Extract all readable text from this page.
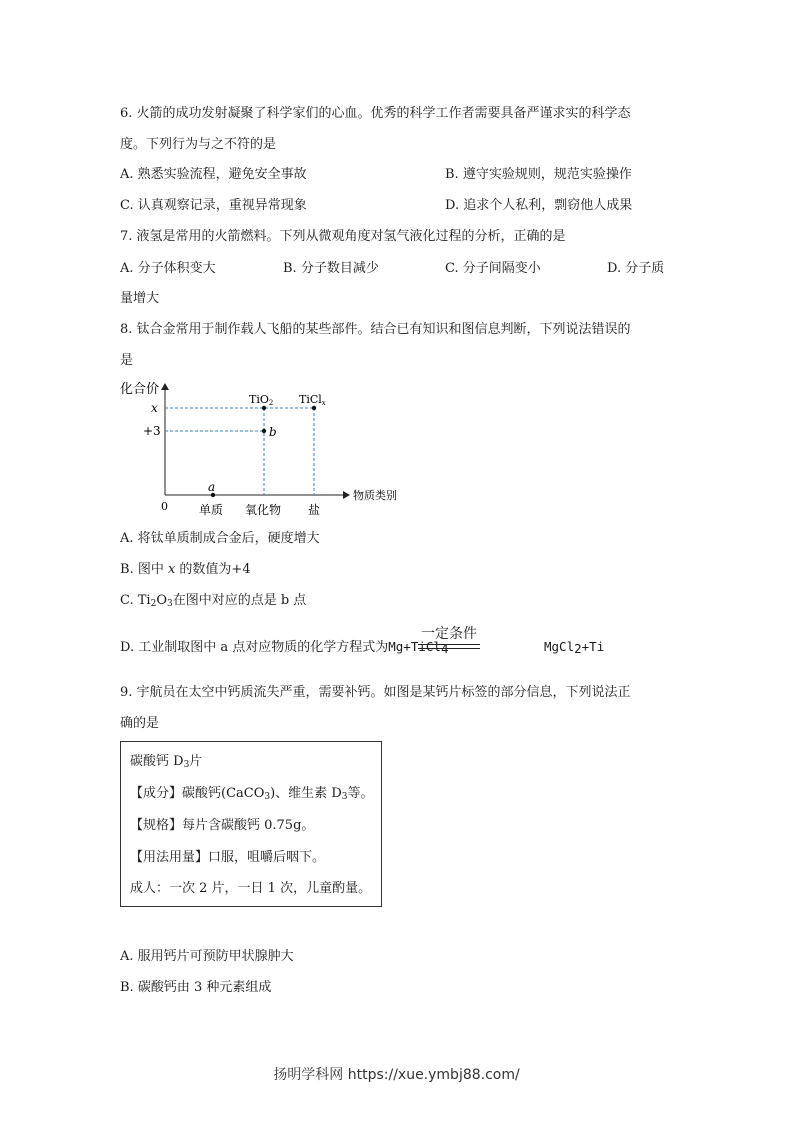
6. 火箭的成功发射凝聚了科学家们的心血。优秀的科学工作者需要具备严谨求实的科学态
度。下列行为与之不符的是
A. 熟悉实验流程，避免安全事故	B. 遵守实验规则，规范实验操作
C. 认真观察记录，重视异常现象	D. 追求个人私利，剽窃他人成果
7. 液氢是常用的火箭燃料。下列从微观角度对氢气液化过程的分析，正确的是
A. 分子体积变大	B. 分子数目减少	C. 分子间隔变小	D. 分子质
量增大
8. 钛合金常用于制作载人飞船的某些部件。结合已有知识和图信息判断，下列说法错误的
是
化合价
物质类别
0
x
+3
a
b
TiO2 TiClx
单质 氧化物 盐
A. 将钛单质制成合金后，硬度增大
B. 图中 x 的数值为+4
C. $Ti_2O_3$在图中对应的点是 b 点
D. 工业制取图中 a 点对应物质的化学方程式为Mg+TiCl$_4$
一定条件
MgCl$_2$+Ti
9. 宇航员在太空中钙质流失严重，需要补钙。如图是某钙片标签的部分信息，下列说法正
确的是
碳酸钙 $D_3$片
【成分】碳酸钙(CaCO$_3$)、维生素 $D_3$等。
【规格】每片含碳酸钙 0.75g。
【用法用量】口服，咀嚼后咽下。
成人：一次 2 片，一日 1 次，儿童酌量。
A. 服用钙片可预防甲状腺肿大
B. 碳酸钙由 3 种元素组成
扬明学科网 https://xue.ymbj88.com/
